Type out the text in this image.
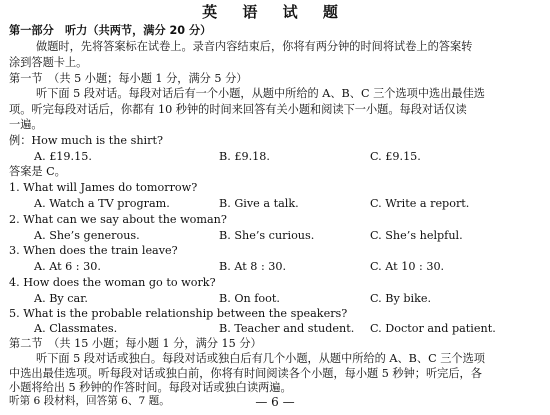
英 语 试 题
第一部分　听力（共两节，满分 20 分）
做题时，先将答案标在试卷上。录音内容结束后，你将有两分钟的时间将试卷上的答案转
涂到答题卡上。
第一节　（共 5 小题；每小题 1 分，满分 5 分）
听下面 5 段对话。每段对话后有一个小题，从题中所给的 A、B、C 三个选项中选出最佳选
项。听完每段对话后，你都有 10 秒钟的时间来回答有关小题和阅读下一小题。每段对话仅读
一遍。
例：How much is the shirt?
A. £19.15.	B. £9.18.	C. £9.15.
答案是 C。
1. What will James do tomorrow?
A. Watch a TV program.	B. Give a talk.	C. Write a report.
2. What can we say about the woman?
A. She’s generous.	B. She’s curious.	C. She’s helpful.
3. When does the train leave?
A. At 6 : 30.	B. At 8 : 30.	C. At 10 : 30.
4. How does the woman go to work?
A. By car.	B. On foot.	C. By bike.
5. What is the probable relationship between the speakers?
A. Classmates.	B. Teacher and student. C. Doctor and patient.
第二节　（共 15 小题；每小题 1 分，满分 15 分）
听下面 5 段对话或独白。每段对话或独白后有几个小题，从题中所给的 A、B、C 三个选项
中选出最佳选项。听每段对话或独白前，你将有时间阅读各个小题，每小题 5 秒钟；听完后，各
小题将给出 5 秒钟的作答时间。每段对话或独白读两遍。
听第 6 段材料，回答第 6、7 题。	— 6 —
